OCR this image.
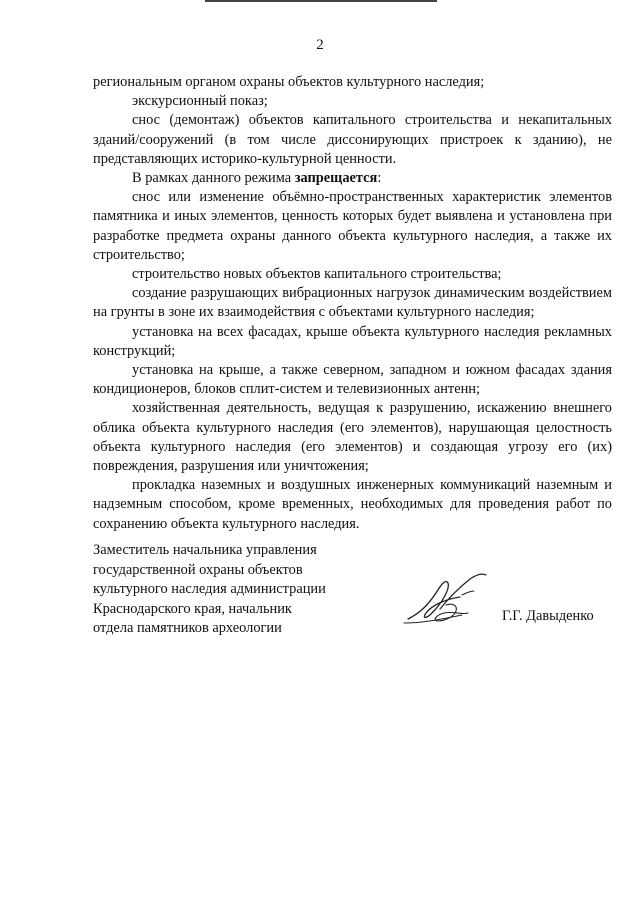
2

региональным органом охраны объектов культурного наследия;

экскурсионный показ;

снос (демонтаж) объектов капитального строительства и некапитальных зданий/сооружений (в том числе диссонирующих пристроек к зданию), не представляющих историко-культурной ценности.

В рамках данного режима запрещается:

снос или изменение объёмно-пространственных характеристик элементов памятника и иных элементов, ценность которых будет выявлена и установлена при разработке предмета охраны данного объекта культурного наследия, а также их строительство;

строительство новых объектов капитального строительства;

создание разрушающих вибрационных нагрузок динамическим воздействием на грунты в зоне их взаимодействия с объектами культурного наследия;

установка на всех фасадах, крыше объекта культурного наследия рекламных конструкций;

установка на крыше, а также северном, западном и южном фасадах здания кондиционеров, блоков сплит-систем и телевизионных антенн;

хозяйственная деятельность, ведущая к разрушению, искажению внешнего облика объекта культурного наследия (его элементов), нарушающая целостность объекта культурного наследия (его элементов) и создающая угрозу его (их) повреждения, разрушения или уничтожения;

прокладка наземных и воздушных инженерных коммуникаций наземным и надземным способом, кроме временных, необходимых для проведения работ по сохранению объекта культурного наследия.

Заместитель начальника управления
государственной охраны объектов
культурного наследия администрации
Краснодарского края, начальник
отдела памятников археологии
Г.Г. Давыденко
